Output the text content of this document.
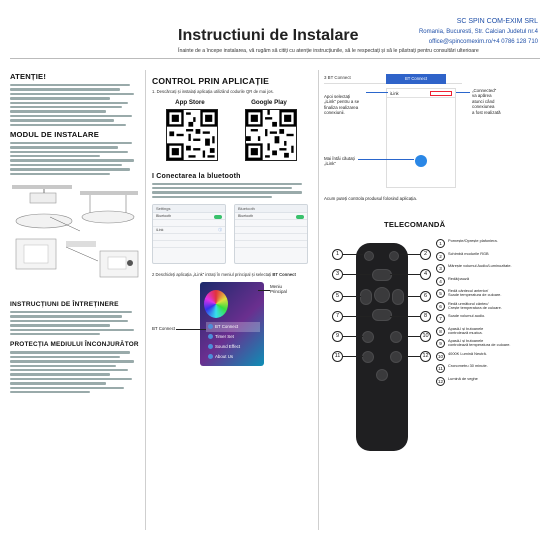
Instructiuni de Instalare
SC SPIN COM-EXIM SRL
Romania, Bucuresti, Str. Calcian Judetul nr.4
office@spincomexim.ro/+4 0786 128 710
Înainte de a începe instalarea, vă rugăm să citiți cu atenție instrucțiunile, să le respectați și să le păstrați pentru consultări ulterioare
ATENȚIE!
MODUL DE INSTALARE
INSTRUCȚIUNI DE ÎNTREȚINERE
PROTECȚIA MEDIULUI ÎNCONJURĂTOR
CONTROL PRIN APLICAȚIE
1. Descărcați și instalați aplicația utilizând codurile QR de mai jos.
App Store	Google Play
I Conectarea la bluetooth
Settings
Bluetooth
iLink	ⓘ
Bluetooth
Bluetooth
2 Deschideți aplicația „iLink” intrați în meniul principal și selectați BT Connect
BT Connect
Timer Set
Sound Effect
About Us
Meniu
Principal
BT Connect
3 BT Connect	BT Connect
Apoi selectați
„iLink” pentru a se
finaliza realizarea
conexiunii.
iLink
„Connected”
va apărea
atunci când
conexiunea
a fost realizată
Mai întâi căutați
„iLink”
Acum puteți controla produsul folosind aplicația.
TELECOMANDĂ
1
3
5
7
9
11
2
4
6
8
10
12
1
Pornește/Oprește plafoniera.
2
Schimbă modurile RGB
3
Mărește volumul Audio/Luminozitate.
4
Redă/pauză
5
Redă cântecul anterior/
Scade temperatura de culoare.
6
Redă următorul cântec/
Crește temperatura de culoare.
7
Scade volumul audio.
8
Apasă-l și butoanele
controlează muzica.
9
Apasă-l și butoanele
controlează temperatura de culoare.
10
4000K Lumină Neutră.
11
Cronometru 30 minute.
12
Lumină de veghe
